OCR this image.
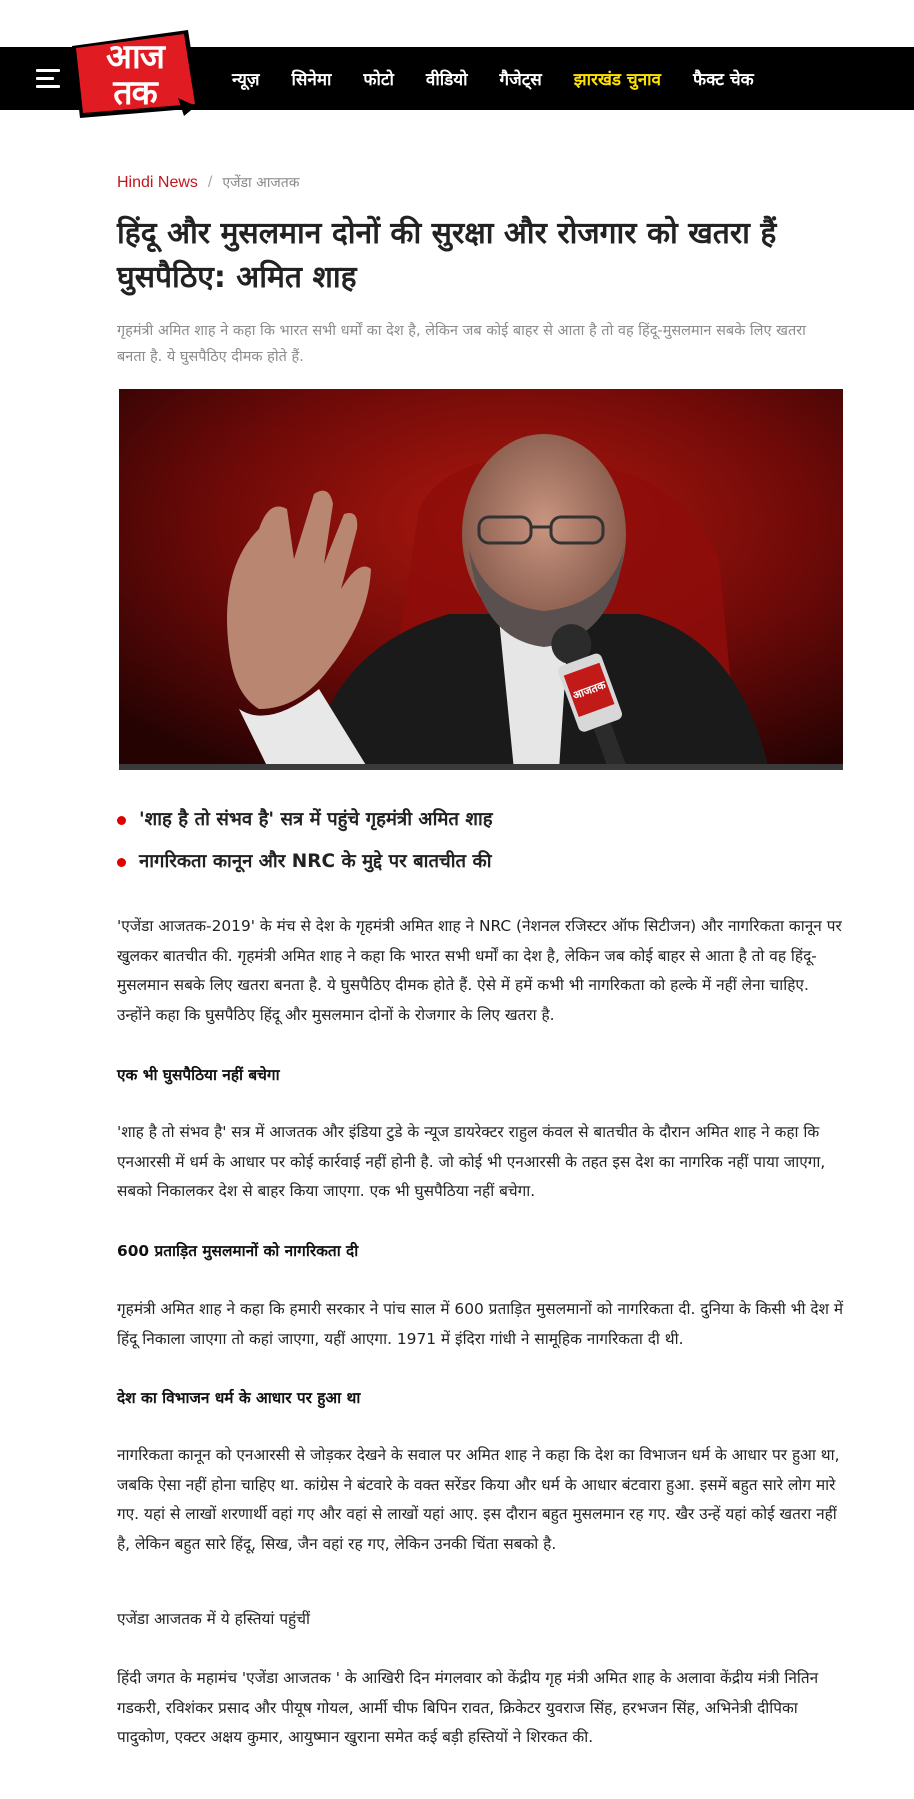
न्यूज़ सिनेमा फोटो वीडियो गैजेट्स झारखंड चुनाव फैक्ट चेक
आज
तक
Hindi News / एजेंडा आजतक
हिंदू और मुसलमान दोनों की सुरक्षा और रोजगार को खतरा हैं घुसपैठिए: अमित शाह

गृहमंत्री अमित शाह ने कहा कि भारत सभी धर्मों का देश है, लेकिन जब कोई बाहर से आता है तो वह हिंदू-मुसलमान सबके लिए खतरा बनता है. ये घुसपैठिए दीमक होते हैं.

आजतक
'शाह है तो संभव है' सत्र में पहुंचे गृहमंत्री अमित शाह
नागरिकता कानून और NRC के मुद्दे पर बातचीत की

'एजेंडा आजतक-2019' के मंच से देश के गृहमंत्री अमित शाह ने NRC (नेशनल रजिस्टर ऑफ सिटीजन) और नागरिकता कानून पर खुलकर बातचीत की. गृहमंत्री अमित शाह ने कहा कि भारत सभी धर्मों का देश है, लेकिन जब कोई बाहर से आता है तो वह हिंदू-मुसलमान सबके लिए खतरा बनता है. ये घुसपैठिए दीमक होते हैं. ऐसे में हमें कभी भी नागरिकता को हल्के में नहीं लेना चाहिए. उन्होंने कहा कि घुसपैठिए हिंदू और मुसलमान दोनों के रोजगार के लिए खतरा है.

एक भी घुसपैठिया नहीं बचेगा

'शाह है तो संभव है' सत्र में आजतक और इंडिया टुडे के न्यूज डायरेक्टर राहुल कंवल से बातचीत के दौरान अमित शाह ने कहा कि एनआरसी में धर्म के आधार पर कोई कार्रवाई नहीं होनी है. जो कोई भी एनआरसी के तहत इस देश का नागरिक नहीं पाया जाएगा, सबको निकालकर देश से बाहर किया जाएगा. एक भी घुसपैठिया नहीं बचेगा.

600 प्रताड़ित मुसलमानों को नागरिकता दी

गृहमंत्री अमित शाह ने कहा कि हमारी सरकार ने पांच साल में 600 प्रताड़ित मुसलमानों को नागरिकता दी. दुनिया के किसी भी देश में हिंदू निकाला जाएगा तो कहां जाएगा, यहीं आएगा. 1971 में इंदिरा गांधी ने सामूहिक नागरिकता दी थी.

देश का विभाजन धर्म के आधार पर हुआ था

नागरिकता कानून को एनआरसी से जोड़कर देखने के सवाल पर अमित शाह ने कहा कि देश का विभाजन धर्म के आधार पर हुआ था, जबकि ऐसा नहीं होना चाहिए था. कांग्रेस ने बंटवारे के वक्त सरेंडर किया और धर्म के आधार बंटवारा हुआ. इसमें बहुत सारे लोग मारे गए. यहां से लाखों शरणार्थी वहां गए और वहां से लाखों यहां आए. इस दौरान बहुत मुसलमान रह गए. खैर उन्हें यहां कोई खतरा नहीं है, लेकिन बहुत सारे हिंदू, सिख, जैन वहां रह गए, लेकिन उनकी चिंता सबको है.

एजेंडा आजतक में ये हस्तियां पहुंचीं

हिंदी जगत के महामंच 'एजेंडा आजतक ' के आखिरी दिन मंगलवार को केंद्रीय गृह मंत्री अमित शाह के अलावा केंद्रीय मंत्री नितिन गडकरी, रविशंकर प्रसाद और पीयूष गोयल, आर्मी चीफ बिपिन रावत, क्रिकेटर युवराज सिंह, हरभजन सिंह, अभिनेत्री दीपिका पादुकोण, एक्टर अक्षय कुमार, आयुष्मान खुराना समेत कई बड़ी हस्तियों ने शिरकत की.
